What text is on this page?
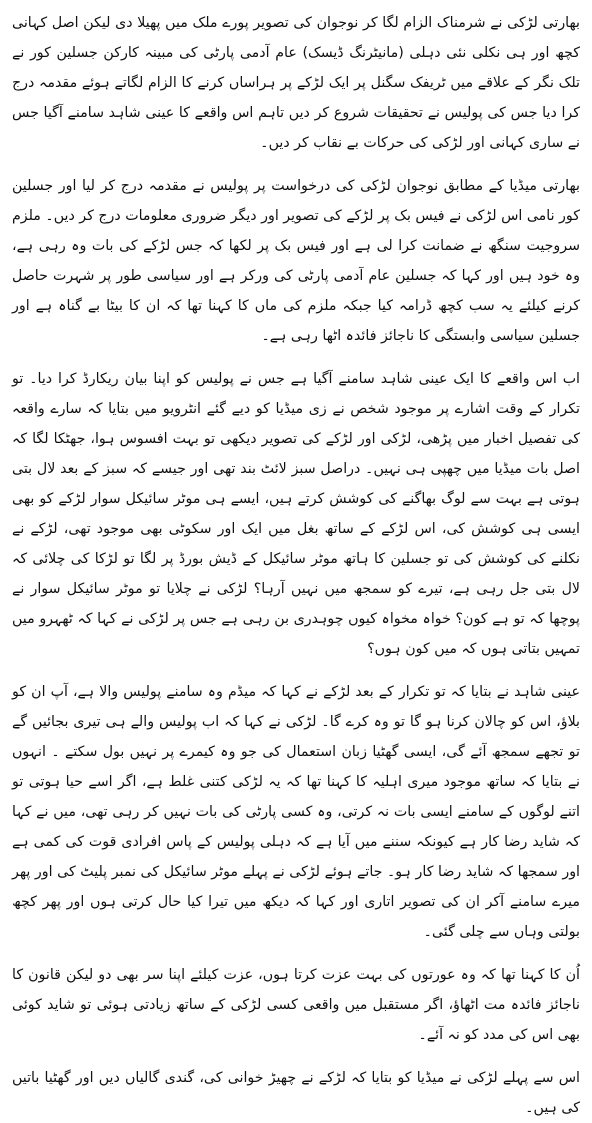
بھارتی لڑکی نے شرمناک الزام لگا کر نوجوان کی تصویر پورے ملک میں پھیلا دی لیکن اصل کہانی کچھ اور ہی نکلی نئی دہلی (مانیٹرنگ ڈیسک) عام آدمی پارٹی کی مبینہ کارکن جسلین کور نے تلک نگر کے علاقے میں ٹریفک سگنل پر ایک لڑکے پر ہراساں کرنے کا الزام لگاتے ہوئے مقدمہ درج کرا دیا جس کی پولیس نے تحقیقات شروع کر دیں تاہم اس واقعے کا عینی شاہد سامنے آگیا جس نے ساری کہانی اور لڑکی کی حرکات بے نقاب کر دیں۔

بھارتی میڈیا کے مطابق نوجوان لڑکی کی درخواست پر پولیس نے مقدمہ درج کر لیا اور جسلین کور نامی اس لڑکی نے فیس بک پر لڑکے کی تصویر اور دیگر ضروری معلومات درج کر دیں۔ ملزم سروجیت سنگھ نے ضمانت کرا لی ہے اور فیس بک پر لکھا کہ جس لڑکے کی بات وہ رہی ہے، وہ خود ہیں اور کہا کہ جسلین عام آدمی پارٹی کی ورکر ہے اور سیاسی طور پر شہرت حاصل کرنے کیلئے یہ سب کچھ ڈرامہ کیا جبکہ ملزم کی ماں کا کہنا تھا کہ ان کا بیٹا بے گناہ ہے اور جسلین سیاسی وابستگی کا ناجائز فائدہ اٹھا رہی ہے۔

اب اس واقعے کا ایک عینی شاہد سامنے آگیا ہے جس نے پولیس کو اپنا بیان ریکارڈ کرا دیا۔ تو تکرار کے وقت اشارے پر موجود شخص نے زی میڈیا کو دیے گئے انٹرویو میں بتایا کہ سارے واقعہ کی تفصیل اخبار میں پڑھی، لڑکی اور لڑکے کی تصویر دیکھی تو بہت افسوس ہوا، جھٹکا لگا کہ اصل بات میڈیا میں چھپی ہی نہیں۔ دراصل سبز لائٹ بند تھی اور جیسے کہ سبز کے بعد لال بتی ہوتی ہے بہت سے لوگ بھاگنے کی کوشش کرتے ہیں، ایسے ہی موٹر سائیکل سوار لڑکے کو بھی ایسی ہی کوشش کی، اس لڑکے کے ساتھ بغل میں ایک اور سکوٹی بھی موجود تھی، لڑکے نے نکلنے کی کوشش کی تو جسلین کا ہاتھ موٹر سائیکل کے ڈیش بورڈ پر لگا تو لڑکا کی چلائی کہ لال بتی جل رہی ہے، تیرے کو سمجھ میں نہیں آرہا؟ لڑکی نے چلایا تو موٹر سائیکل سوار نے پوچھا کہ تو ہے کون؟ خواہ مخواہ کیوں چوہدری بن رہی ہے جس پر لڑکی نے کہا کہ ٹھہرو میں تمہیں بتاتی ہوں کہ میں کون ہوں؟

عینی شاہد نے بتایا کہ تو تکرار کے بعد لڑکے نے کہا کہ میڈم وہ سامنے پولیس والا ہے، آپ ان کو بلاؤ، اس کو چالان کرنا ہو گا تو وہ کرے گا۔ لڑکی نے کہا کہ اب پولیس والے ہی تیری بجائیں گے تو تجھے سمجھ آئے گی، ایسی گھٹیا زبان استعمال کی جو وہ کیمرے پر نہیں بول سکتے ۔ انہوں نے بتایا کہ ساتھ موجود میری اہلیہ کا کہنا تھا کہ یہ لڑکی کتنی غلط ہے، اگر اسے حیا ہوتی تو اتنے لوگوں کے سامنے ایسی بات نہ کرتی، وہ کسی پارٹی کی بات نہیں کر رہی تھی، میں نے کہا کہ شاید رضا کار ہے کیونکہ سننے میں آیا ہے کہ دہلی پولیس کے پاس افرادی قوت کی کمی ہے اور سمجھا کہ شاید رضا کار ہو۔ جاتے ہوئے لڑکی نے پہلے موٹر سائیکل کی نمبر پلیٹ کی اور پھر میرے سامنے آکر ان کی تصویر اتاری اور کہا کہ دیکھ میں تیرا کیا حال کرتی ہوں اور پھر کچھ بولتی وہاں سے چلی گئی۔

اُن کا کہنا تھا کہ وہ عورتوں کی بہت عزت کرتا ہوں، عزت کیلئے اپنا سر بھی دو لیکن قانون کا ناجائز فائدہ مت اٹھاؤ، اگر مستقبل میں واقعی کسی لڑکی کے ساتھ زیادتی ہوئی تو شاید کوئی بھی اس کی مدد کو نہ آئے۔

اس سے پہلے لڑکی نے میڈیا کو بتایا کہ لڑکے نے چھیڑ خوانی کی، گندی گالیاں دیں اور گھٹیا باتیں کی ہیں۔
